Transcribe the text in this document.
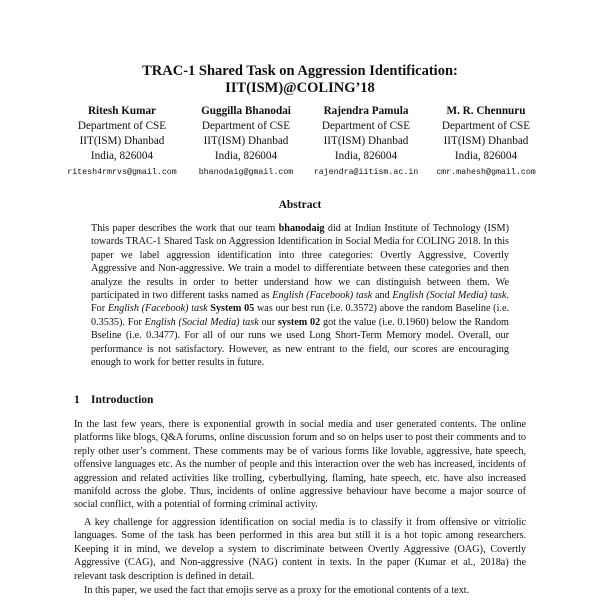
TRAC-1 Shared Task on Aggression Identification:
IIT(ISM)@COLING’18
Ritesh Kumar
Department of CSE
IIT(ISM) Dhanbad
India, 826004
ritesh4rmrvs@gmail.com
Guggilla Bhanodai
Department of CSE
IIT(ISM) Dhanbad
India, 826004
bhanodaig@gmail.com
Rajendra Pamula
Department of CSE
IIT(ISM) Dhanbad
India, 826004
rajendra@iitism.ac.in
M. R. Chennuru
Department of CSE
IIT(ISM) Dhanbad
India, 826004
cmr.mahesh@gmail.com
Abstract
This paper describes the work that our team bhanodaig did at Indian Institute of Technology (ISM) towards TRAC-1 Shared Task on Aggression Identification in Social Media for COLING 2018. In this paper we label aggression identification into three categories: Overtly Aggressive, Covertly Aggressive and Non-aggressive. We train a model to differentiate between these categories and then analyze the results in order to better understand how we can distinguish between them. We participated in two different tasks named as English (Facebook) task and English (Social Media) task. For English (Facebook) task System 05 was our best run (i.e. 0.3572) above the random Baseline (i.e. 0.3535). For English (Social Media) task our system 02 got the value (i.e. 0.1960) below the Random Bseline (i.e. 0.3477). For all of our runs we used Long Short-Term Memory model. Overall, our performance is not satisfactory. However, as new entrant to the field, our scores are encouraging enough to work for better results in future.
1 Introduction

In the last few years, there is exponential growth in social media and user generated contents. The online platforms like blogs, Q&A forums, online discussion forum and so on helps user to post their comments and to reply other user’s comment. These comments may be of various forms like lovable, aggressive, hate speech, offensive languages etc. As the number of people and this interaction over the web has increased, incidents of aggression and related activities like trolling, cyberbullying, flaming, hate speech, etc. have also increased manifold across the globe. Thus, incidents of online aggressive behaviour have become a major source of social conflict, with a potential of forming criminal activity.

A key challenge for aggression identification on social media is to classify it from offensive or vitriolic languages. Some of the task has been performed in this area but still it is a hot topic among researchers. Keeping it in mind, we develop a system to discriminate between Overtly Aggressive (OAG), Covertly Aggressive (CAG), and Non-aggressive (NAG) content in texts. In the paper (Kumar et al., 2018a) the relevant task description is defined in detail.

In this paper, we used the fact that emojis serve as a proxy for the emotional contents of a text.
